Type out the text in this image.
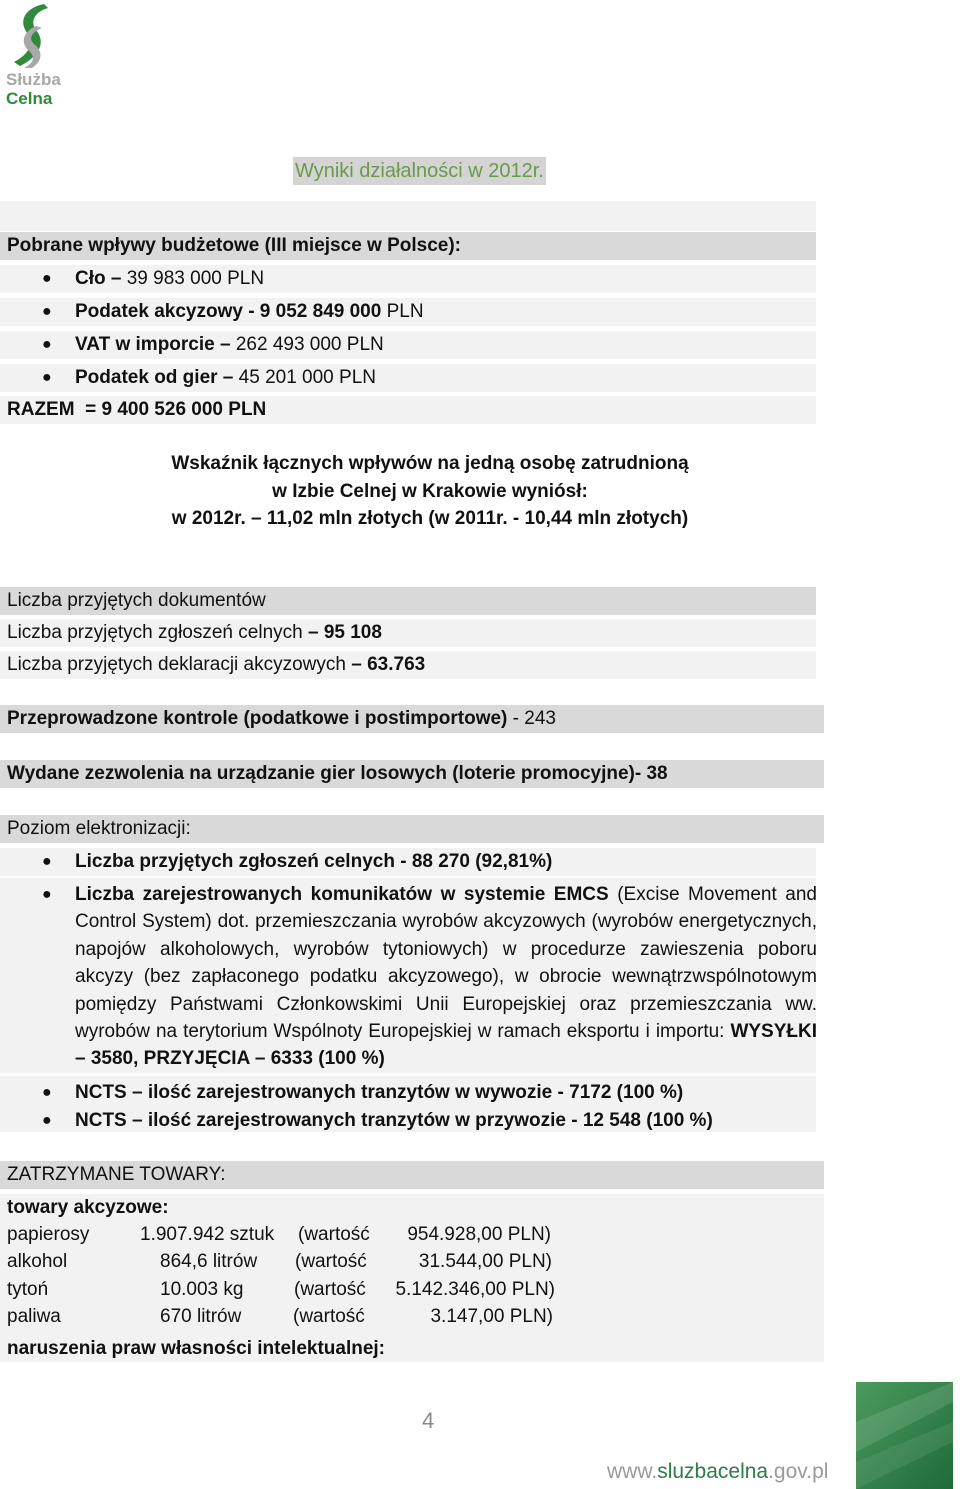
Służba
Celna
Wyniki działalności w 2012r.
Pobrane wpływy budżetowe (III miejsce w Polsce):
● Cło – 39 983 000 PLN
● Podatek akcyzowy - 9 052 849 000 PLN
● VAT w imporcie – 262 493 000 PLN
● Podatek od gier – 45 201 000 PLN
RAZEM  = 9 400 526 000 PLN
Wskaźnik łącznych wpływów na jedną osobę zatrudnioną
w Izbie Celnej w Krakowie wyniósł:
w 2012r. – 11,02 mln złotych (w 2011r. - 10,44 mln złotych)
Liczba przyjętych dokumentów
Liczba przyjętych zgłoszeń celnych – 95 108
Liczba przyjętych deklaracji akcyzowych – 63.763
Przeprowadzone kontrole (podatkowe i postimportowe) - 243
Wydane zezwolenia na urządzanie gier losowych (loterie promocyjne)- 38
Poziom elektronizacji:
● Liczba przyjętych zgłoszeń celnych - 88 270 (92,81%)
● Liczba zarejestrowanych komunikatów w systemie EMCS (Excise Movement and Control System) dot. przemieszczania wyrobów akcyzowych (wyrobów energetycznych, napojów alkoholowych, wyrobów tytoniowych) w procedurze zawieszenia poboru akcyzy (bez zapłaconego podatku akcyzowego), w obrocie wewnątrzwspólnotowym pomiędzy Państwami Członkowskimi Unii Europejskiej oraz przemieszczania ww. wyrobów na terytorium Wspólnoty Europejskiej w ramach eksportu i importu: WYSYŁKI – 3580, PRZYJĘCIA – 6333 (100 %)
● NCTS – ilość zarejestrowanych tranzytów w wywozie - 7172 (100 %)
● NCTS – ilość zarejestrowanych tranzytów w przywozie - 12 548 (100 %)
ZATRZYMANE TOWARY:
towary akcyzowe:
papierosy	1.907.942 sztuk (wartość 954.928,00 PLN)
alkohol	864,6 litrów (wartość	31.544,00 PLN)
tytoń	10.003 kg	(wartość 5.142.346,00 PLN)
paliwa	670 litrów	(wartość	3.147,00 PLN)
naruszenia praw własności intelektualnej:
4
www.sluzbacelna.gov.pl
